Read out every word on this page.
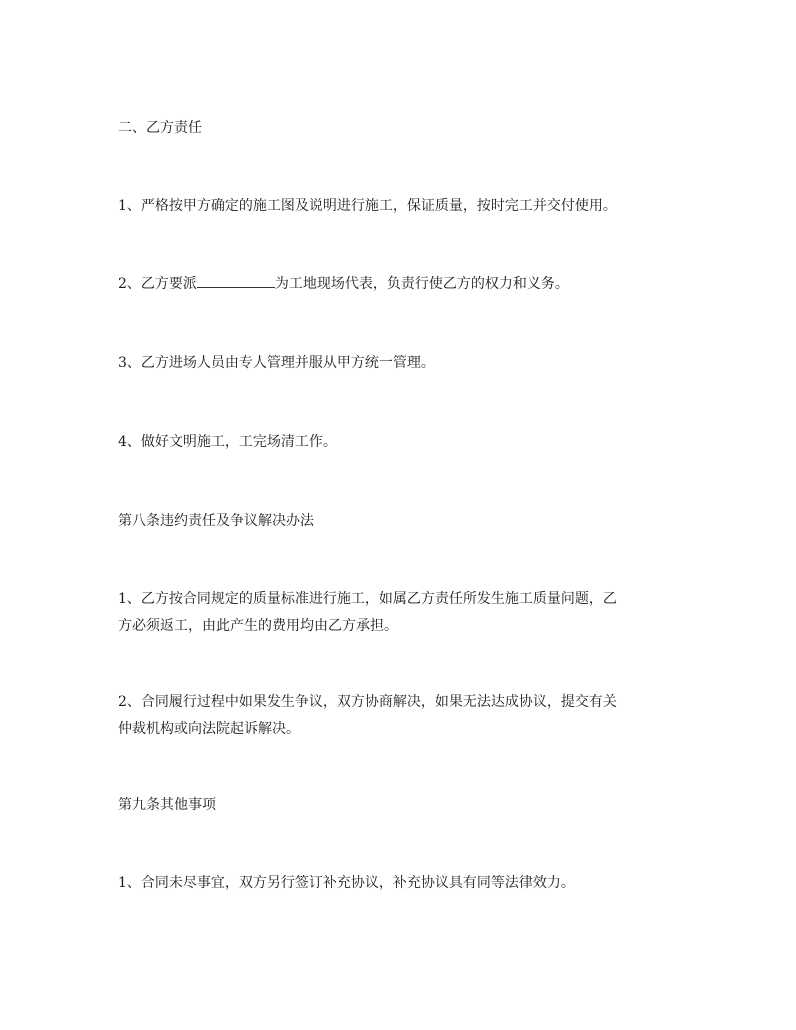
二、乙方责任

1、严格按甲方确定的施工图及说明进行施工，保证质量，按时完工并交付使用。

2、乙方要派	为工地现场代表，负责行使乙方的权力和义务。

3、乙方进场人员由专人管理并服从甲方统一管理。

4、做好文明施工，工完场清工作。

第八条违约责任及争议解决办法

1、乙方按合同规定的质量标准进行施工，如属乙方责任所发生施工质量问题，乙
方必须返工，由此产生的费用均由乙方承担。
2、合同履行过程中如果发生争议，双方协商解决，如果无法达成协议，提交有关
仲裁机构或向法院起诉解决。

第九条其他事项

1、合同未尽事宜，双方另行签订补充协议，补充协议具有同等法律效力。
